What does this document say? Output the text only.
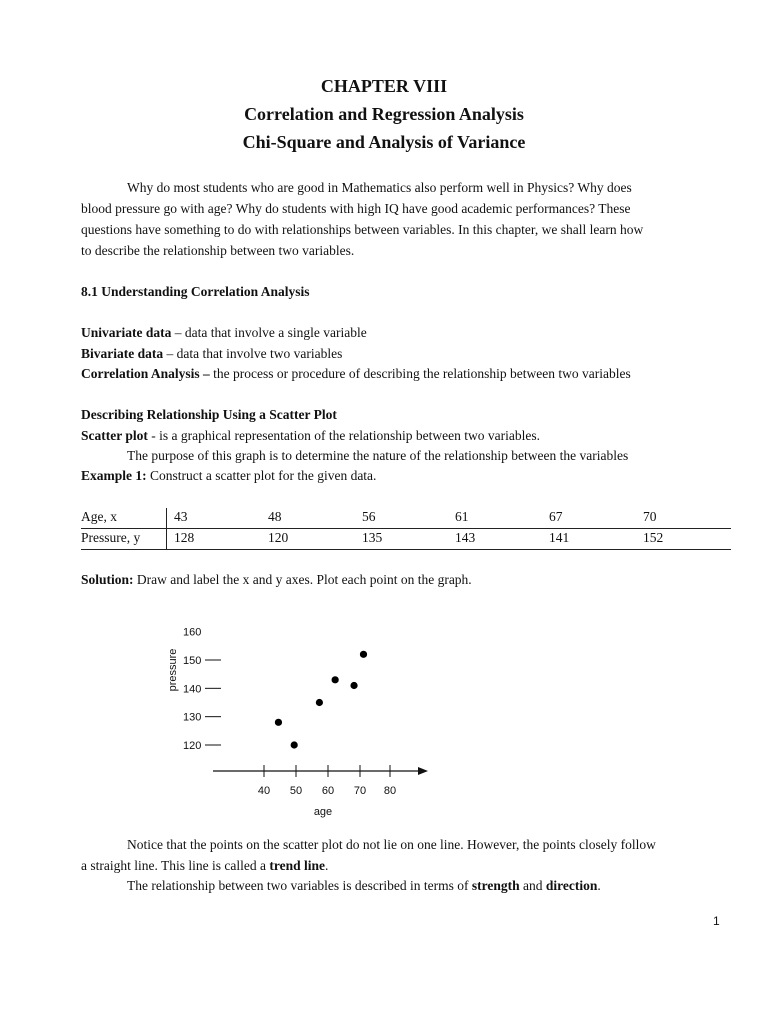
CHAPTER VIII
Correlation and Regression Analysis
Chi-Square and Analysis of Variance
Why do most students who are good in Mathematics also perform well in Physics? Why does
blood pressure go with age? Why do students with high IQ have good academic performances? These
questions have something to do with relationships between variables. In this chapter, we shall learn how
to describe the relationship between two variables.
8.1 Understanding Correlation Analysis
Univariate data – data that involve a single variable
Bivariate data – data that involve two variables
Correlation Analysis – the process or procedure of describing the relationship between two variables
Describing Relationship Using a Scatter Plot
Scatter plot - is a graphical representation of the relationship between two variables.
The purpose of this graph is to determine the nature of the relationship between the variables
Example 1: Construct a scatter plot for the given data.
Age, x	43	48	56	61	67	70
Pressure, y	128	120	135	143	141	152
Solution: Draw and label the x and y axes. Plot each point on the graph.
40 50 60 70 80
age
120
130
140
150
160
pressure
Notice that the points on the scatter plot do not lie on one line. However, the points closely follow
a straight line. This line is called a trend line.
The relationship between two variables is described in terms of strength and direction.
1
